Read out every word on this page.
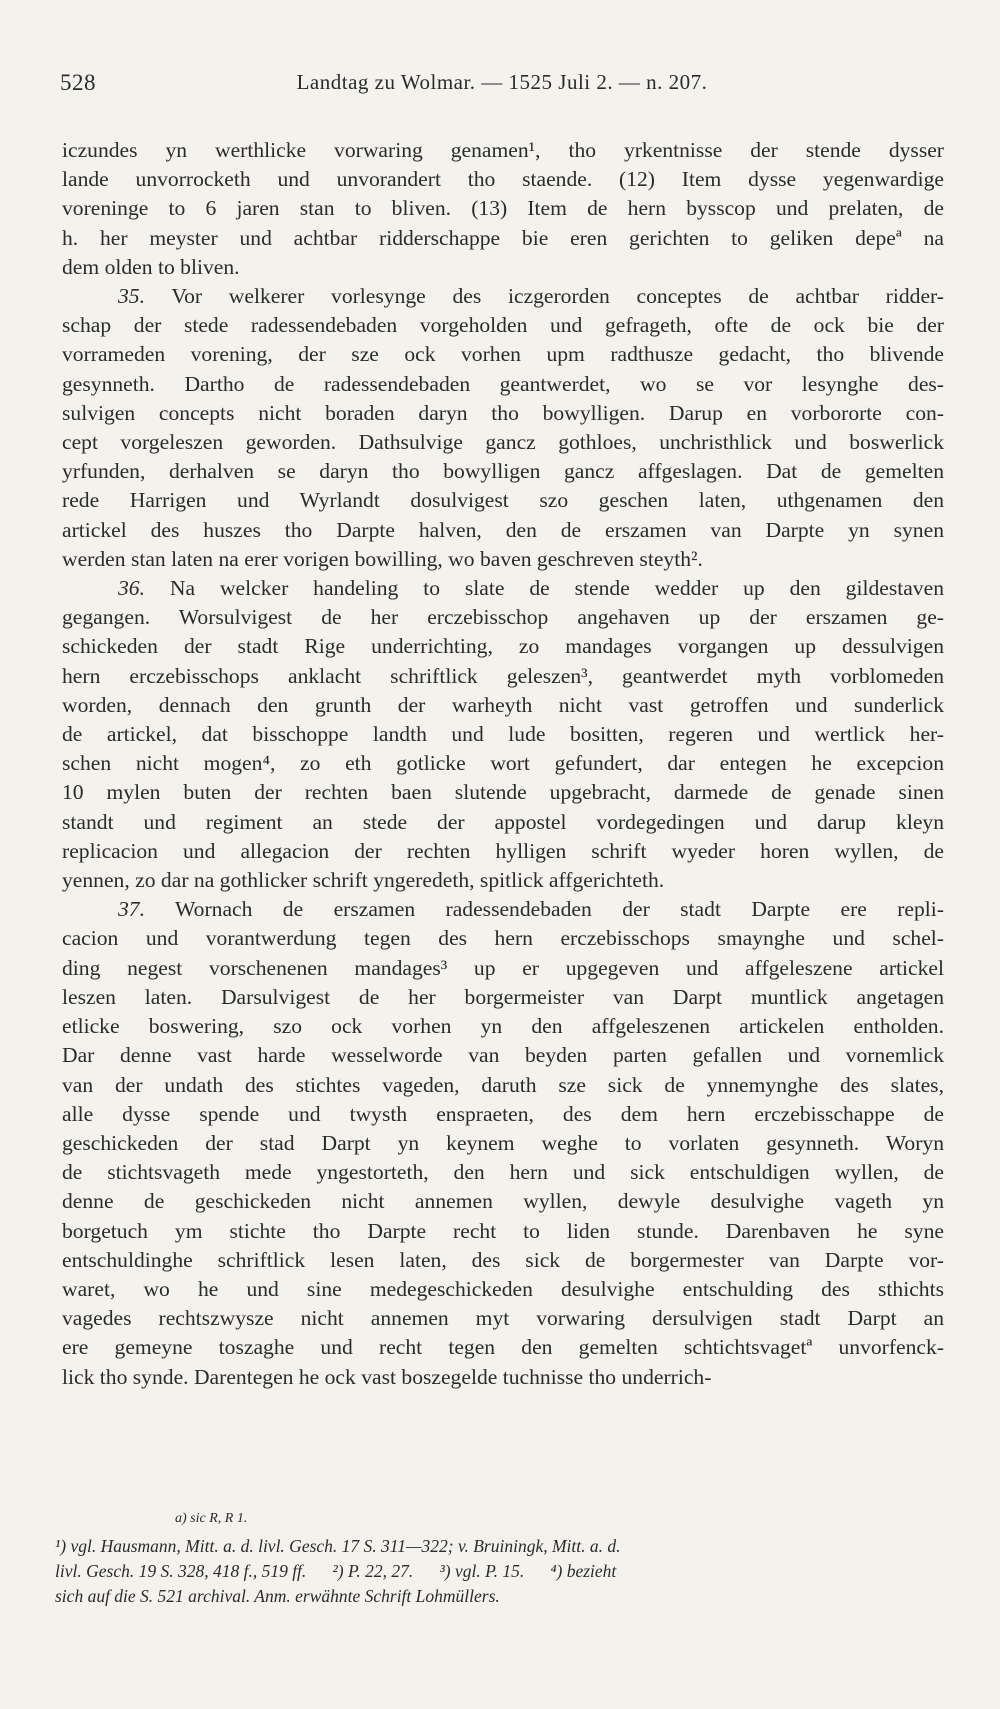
528	Landtag zu Wolmar. — 1525 Juli 2. — n. 207.
iczundes yn werthlicke vorwaring genamen¹, tho yrkentnisse der stende dysser
lande unvorrocketh und unvorandert tho staende. (12) Item dysse yegenwardige
voreninge to 6 jaren stan to bliven. (13) Item de hern bysscop und prelaten, de
h. her meyster und achtbar ridderschappe bie eren gerichten to geliken depeª na
dem olden to bliven.
35. Vor welkerer vorlesynge des iczgerorden conceptes de achtbar ridder-
schap der stede radessendebaden vorgeholden und gefrageth, ofte de ock bie der
vorrameden vorening, der sze ock vorhen upm radthusze gedacht, tho blivende
gesynneth. Dartho de radessendebaden geantwerdet, wo se vor lesynghe des-
sulvigen concepts nicht boraden daryn tho bowylligen. Darup en vorbororte con-
cept vorgeleszen geworden. Dathsulvige gancz gothloes, unchristhlick und boswerlick
yrfunden, derhalven se daryn tho bowylligen gancz affgeslagen. Dat de gemelten
rede Harrigen und Wyrlandt dosulvigest szo geschen laten, uthgenamen den
artickel des huszes tho Darpte halven, den de erszamen van Darpte yn synen
werden stan laten na erer vorigen bowilling, wo baven geschreven steyth².
36. Na welcker handeling to slate de stende wedder up den gildestaven
gegangen. Worsulvigest de her erczebisschop angehaven up der erszamen ge-
schickeden der stadt Rige underrichting, zo mandages vorgangen up dessulvigen
hern erczebisschops anklacht schriftlick geleszen³, geantwerdet myth vorblomeden
worden, dennach den grunth der warheyth nicht vast getroffen und sunderlick
de artickel, dat bisschoppe landth und lude bositten, regeren und wertlick her-
schen nicht mogen⁴, zo eth gotlicke wort gefundert, dar entegen he excepcion
10 mylen buten der rechten baen slutende upgebracht, darmede de genade sinen
standt und regiment an stede der appostel vordegedingen und darup kleyn
replicacion und allegacion der rechten hylligen schrift wyeder horen wyllen, de
yennen, zo dar na gothlicker schrift yngeredeth, spitlick affgerichteth.
37. Wornach de erszamen radessendebaden der stadt Darpte ere repli-
cacion und vorantwerdung tegen des hern erczebisschops smaynghe und schel-
ding negest vorschenenen mandages³ up er upgegeven und affgeleszene artickel
leszen laten. Darsulvigest de her borgermeister van Darpt muntlick angetagen
etlicke boswering, szo ock vorhen yn den affgeleszenen artickelen entholden.
Dar denne vast harde wesselworde van beyden parten gefallen und vornemlick
van der undath des stichtes vageden, daruth sze sick de ynnemynghe des slates,
alle dysse spende und twysth enspraeten, des dem hern erczebisschappe de
geschickeden der stad Darpt yn keynem weghe to vorlaten gesynneth. Woryn
de stichtsvageth mede yngestorteth, den hern und sick entschuldigen wyllen, de
denne de geschickeden nicht annemen wyllen, dewyle desulvighe vageth yn
borgetuch ym stichte tho Darpte recht to liden stunde. Darenbaven he syne
entschuldinghe schriftlick lesen laten, des sick de borgermester van Darpte vor-
waret, wo he und sine medegeschickeden desulvighe entschulding des sthichts
vagedes rechtszwysze nicht annemen myt vorwaring dersulvigen stadt Darpt an
ere gemeyne toszaghe und recht tegen den gemelten schtichtsvagetª unvorfenck-
lick tho synde. Darentegen he ock vast boszegelde tuchnisse tho underrich-
a) sic R, R 1.
¹) vgl. Hausmann, Mitt. a. d. livl. Gesch. 17 S. 311—322; v. Bruiningk, Mitt. a. d.
livl. Gesch. 19 S. 328, 418 f., 519 ff.      ²) P. 22, 27.      ³) vgl. P. 15.      ⁴) bezieht
sich auf die S. 521 archival. Anm. erwähnte Schrift Lohmüllers.
